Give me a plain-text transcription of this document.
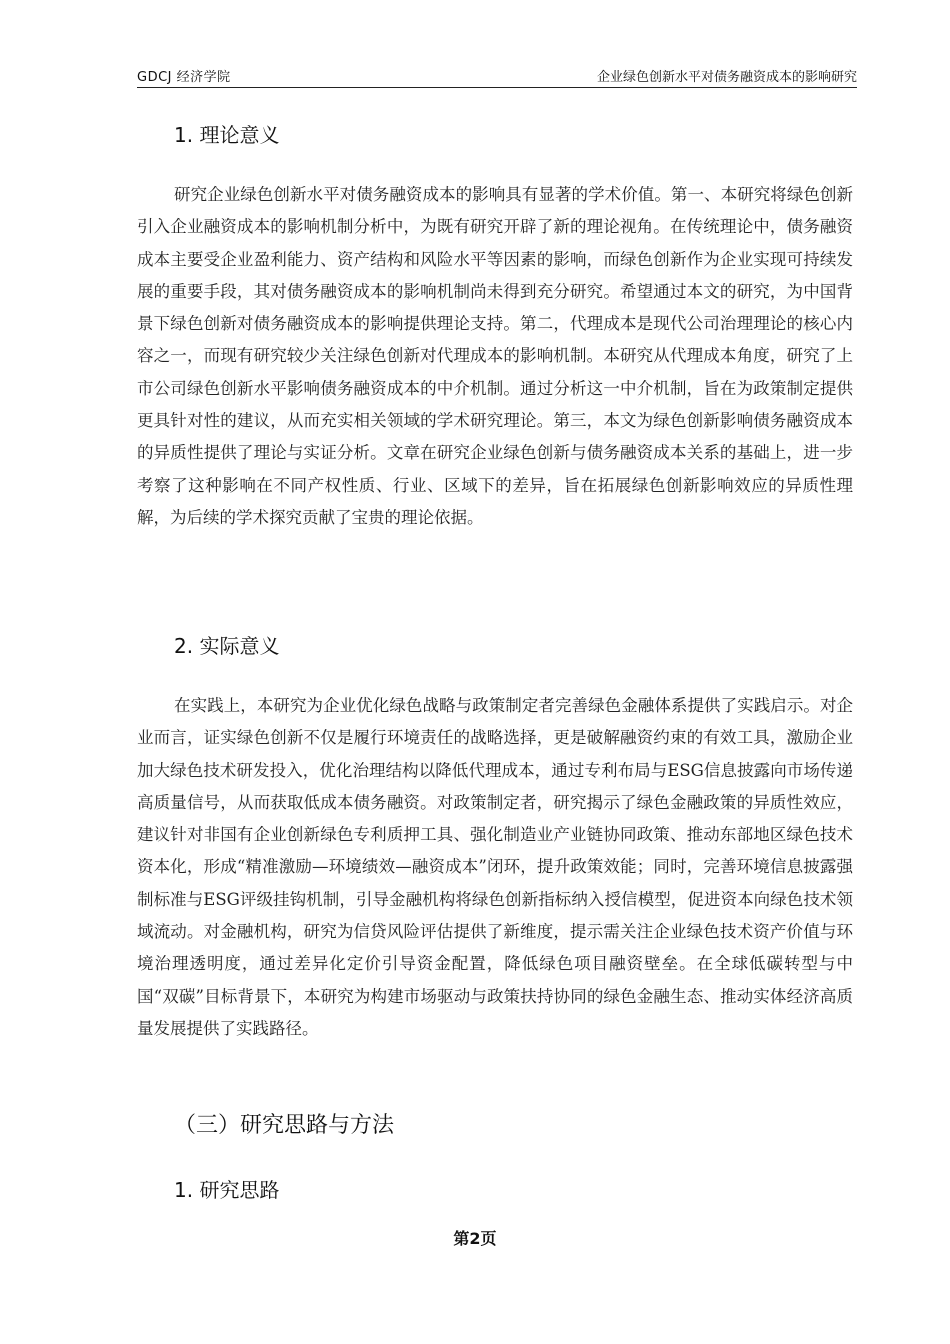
GDCJ 经济学院	企业绿色创新水平对债务融资成本的影响研究
1. 理论意义

研究企业绿色创新水平对债务融资成本的影响具有显著的学术价值。第一、本研究将绿色创新引入企业融资成本的影响机制分析中，为既有研究开辟了新的理论视角。在传统理论中，债务融资成本主要受企业盈利能力、资产结构和风险水平等因素的影响，而绿色创新作为企业实现可持续发展的重要手段，其对债务融资成本的影响机制尚未得到充分研究。希望通过本文的研究，为中国背景下绿色创新对债务融资成本的影响提供理论支持。第二，代理成本是现代公司治理理论的核心内容之一，而现有研究较少关注绿色创新对代理成本的影响机制。本研究从代理成本角度，研究了上市公司绿色创新水平影响债务融资成本的中介机制。通过分析这一中介机制，旨在为政策制定提供更具针对性的建议，从而充实相关领域的学术研究理论。第三，本文为绿色创新影响债务融资成本的异质性提供了理论与实证分析。文章在研究企业绿色创新与债务融资成本关系的基础上，进一步考察了这种影响在不同产权性质、行业、区域下的差异，旨在拓展绿色创新影响效应的异质性理解，为后续的学术探究贡献了宝贵的理论依据。

2. 实际意义

在实践上，本研究为企业优化绿色战略与政策制定者完善绿色金融体系提供了实践启示。对企业而言，证实绿色创新不仅是履行环境责任的战略选择，更是破解融资约束的有效工具，激励企业加大绿色技术研发投入，优化治理结构以降低代理成本，通过专利布局与ESG信息披露向市场传递高质量信号，从而获取低成本债务融资。对政策制定者，研究揭示了绿色金融政策的异质性效应，建议针对非国有企业创新绿色专利质押工具、强化制造业产业链协同政策、推动东部地区绿色技术资本化，形成“精准激励—环境绩效—融资成本”闭环，提升政策效能；同时，完善环境信息披露强制标准与ESG评级挂钩机制，引导金融机构将绿色创新指标纳入授信模型，促进资本向绿色技术领域流动。对金融机构，研究为信贷风险评估提供了新维度，提示需关注企业绿色技术资产价值与环境治理透明度，通过差异化定价引导资金配置，降低绿色项目融资壁垒。在全球低碳转型与中国“双碳”目标背景下，本研究为构建市场驱动与政策扶持协同的绿色金融生态、推动实体经济高质量发展提供了实践路径。

（三）研究思路与方法
1. 研究思路
第2页
